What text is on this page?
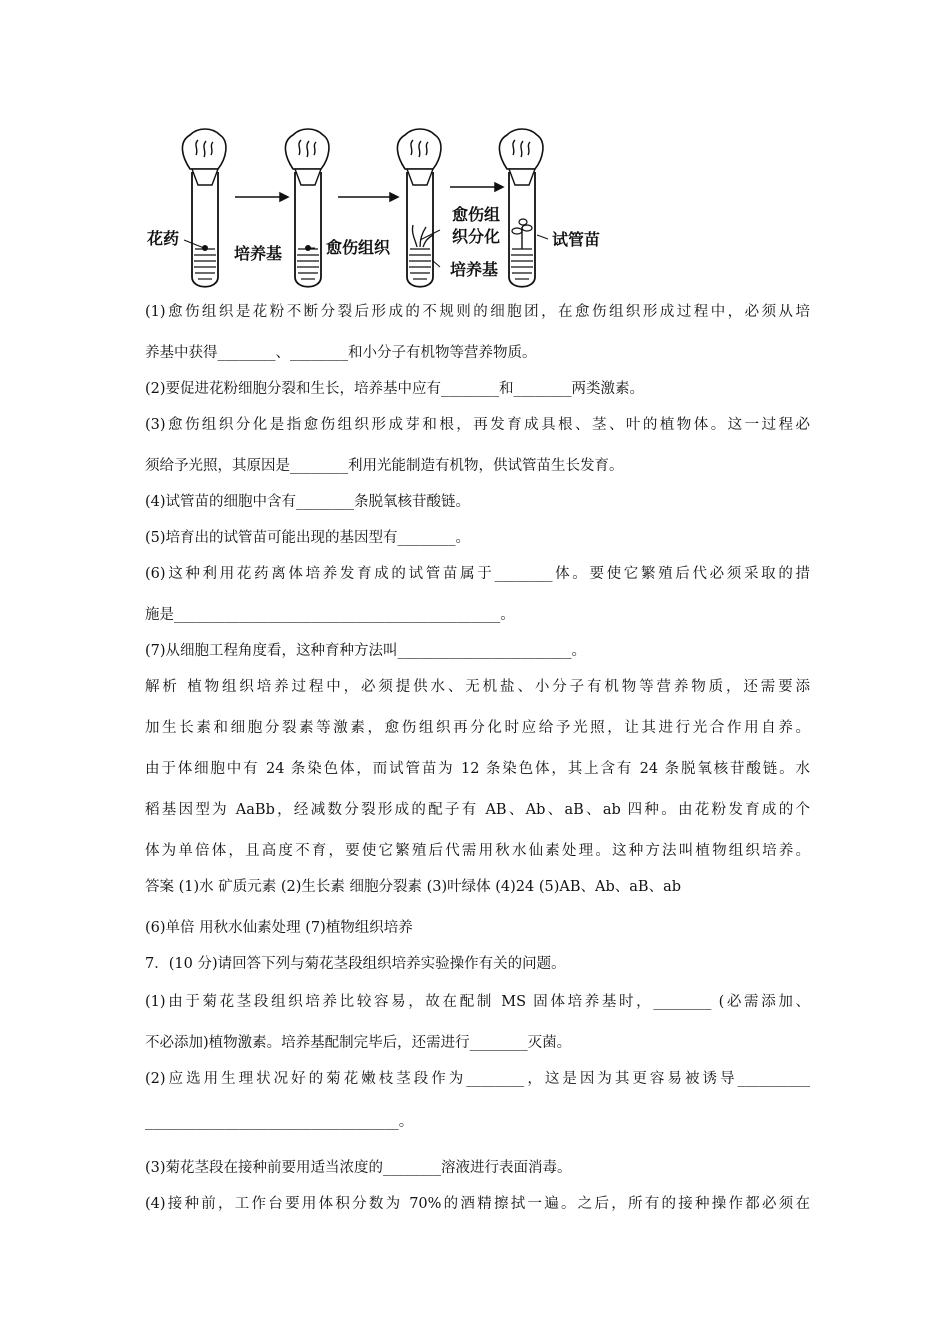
花药
培养基	愈伤组织
愈伤组
织分化
培养基
试管苗

(1)愈伤组织是花粉不断分裂后形成的不规则的细胞团，在愈伤组织形成过程中，必须从培

养基中获得________、________和小分子有机物等营养物质。

(2)要促进花粉细胞分裂和生长，培养基中应有________和________两类激素。

(3)愈伤组织分化是指愈伤组织形成芽和根，再发育成具根、茎、叶的植物体。这一过程必

须给予光照，其原因是________利用光能制造有机物，供试管苗生长发育。

(4)试管苗的细胞中含有________条脱氧核苷酸链。

(5)培育出的试管苗可能出现的基因型有________。

(6)这种利用花药离体培养发育成的试管苗属于________体。要使它繁殖后代必须采取的措

施是_____________________________________________。

(7)从细胞工程角度看，这种育种方法叫________________________。

解析 植物组织培养过程中，必须提供水、无机盐、小分子有机物等营养物质，还需要添

加生长素和细胞分裂素等激素，愈伤组织再分化时应给予光照，让其进行光合作用自养。

由于体细胞中有 24 条染色体，而试管苗为 12 条染色体，其上含有 24 条脱氧核苷酸链。水

稻基因型为 AaBb，经减数分裂形成的配子有 AB、Ab、aB、ab 四种。由花粉发育成的个

体为单倍体，且高度不育，要使它繁殖后代需用秋水仙素处理。这种方法叫植物组织培养。

答案 (1)水 矿质元素 (2)生长素 细胞分裂素 (3)叶绿体 (4)24 (5)AB、Ab、aB、ab

(6)单倍 用秋水仙素处理 (7)植物组织培养

7．(10 分)请回答下列与菊花茎段组织培养实验操作有关的问题。

(1)由于菊花茎段组织培养比较容易，故在配制 MS 固体培养基时，________ (必需添加、

不必添加)植物激素。培养基配制完毕后，还需进行________灭菌。

(2)应选用生理状况好的菊花嫩枝茎段作为________，这是因为其更容易被诱导__________

___________________________________。

(3)菊花茎段在接种前要用适当浓度的________溶液进行表面消毒。

(4)接种前，工作台要用体积分数为 70%的酒精擦拭一遍。之后，所有的接种操作都必须在
